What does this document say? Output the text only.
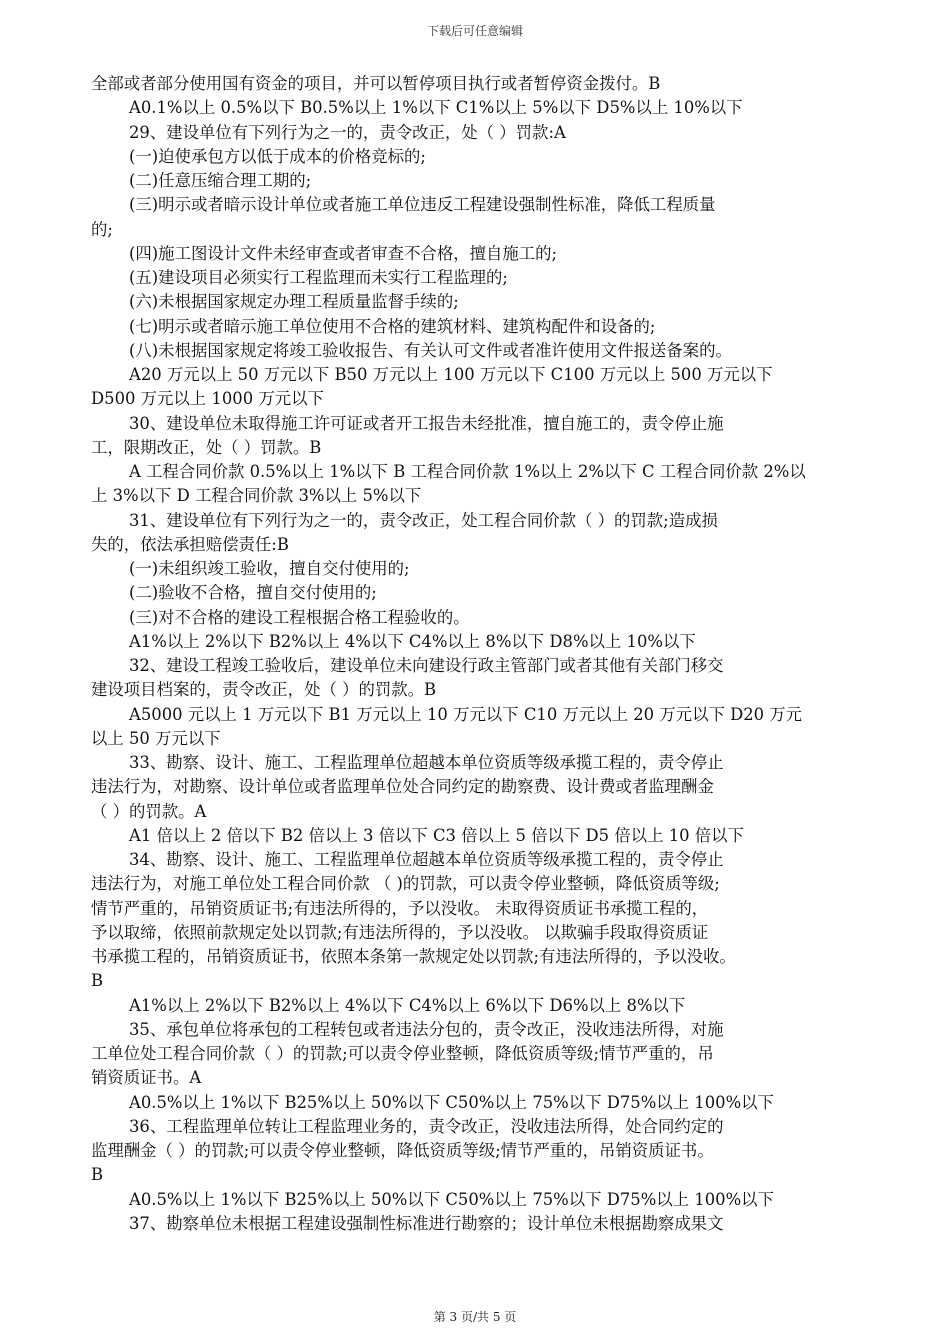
下载后可任意编辑
全部或者部分使用国有资金的项目，并可以暂停项目执行或者暂停资金拨付。B
A0.1%以上 0.5%以下 B0.5%以上 1%以下 C1%以上 5%以下 D5%以上 10%以下
29、建设单位有下列行为之一的，责令改正，处（ ）罚款:A
(一)迫使承包方以低于成本的价格竞标的;
(二)任意压缩合理工期的;
(三)明示或者暗示设计单位或者施工单位违反工程建设强制性标准，降低工程质量
的;
(四)施工图设计文件未经审查或者审查不合格，擅自施工的;
(五)建设项目必须实行工程监理而未实行工程监理的;
(六)未根据国家规定办理工程质量监督手续的;
(七)明示或者暗示施工单位使用不合格的建筑材料、建筑构配件和设备的;
(八)未根据国家规定将竣工验收报告、有关认可文件或者准许使用文件报送备案的。
A20 万元以上 50 万元以下 B50 万元以上 100 万元以下 C100 万元以上 500 万元以下
D500 万元以上 1000 万元以下
30、建设单位未取得施工许可证或者开工报告未经批准，擅自施工的，责令停止施
工，限期改正，处（ ）罚款。B
A 工程合同价款 0.5%以上 1%以下 B 工程合同价款 1%以上 2%以下 C 工程合同价款 2%以
上 3%以下 D 工程合同价款 3%以上 5%以下
31、建设单位有下列行为之一的，责令改正，处工程合同价款（ ）的罚款;造成损
失的，依法承担赔偿责任:B
(一)未组织竣工验收，擅自交付使用的;
(二)验收不合格，擅自交付使用的;
(三)对不合格的建设工程根据合格工程验收的。
A1%以上 2%以下 B2%以上 4%以下 C4%以上 8%以下 D8%以上 10%以下
32、建设工程竣工验收后，建设单位未向建设行政主管部门或者其他有关部门移交
建设项目档案的，责令改正，处（ ）的罚款。B
A5000 元以上 1 万元以下 B1 万元以上 10 万元以下 C10 万元以上 20 万元以下 D20 万元
以上 50 万元以下
33、勘察、设计、施工、工程监理单位超越本单位资质等级承揽工程的，责令停止
违法行为，对勘察、设计单位或者监理单位处合同约定的勘察费、设计费或者监理酬金
（ ）的罚款。A
A1 倍以上 2 倍以下 B2 倍以上 3 倍以下 C3 倍以上 5 倍以下 D5 倍以上 10 倍以下
34、勘察、设计、施工、工程监理单位超越本单位资质等级承揽工程的，责令停止
违法行为，对施工单位处工程合同价款 （ )的罚款，可以责令停业整顿，降低资质等级;
情节严重的，吊销资质证书;有违法所得的，予以没收。 未取得资质证书承揽工程的，
予以取缔，依照前款规定处以罚款;有违法所得的，予以没收。 以欺骗手段取得资质证
书承揽工程的，吊销资质证书，依照本条第一款规定处以罚款;有违法所得的，予以没收。
B
A1%以上 2%以下 B2%以上 4%以下 C4%以上 6%以下 D6%以上 8%以下
35、承包单位将承包的工程转包或者违法分包的，责令改正，没收违法所得，对施
工单位处工程合同价款（ ）的罚款;可以责令停业整顿，降低资质等级;情节严重的，吊
销资质证书。A
A0.5%以上 1%以下 B25%以上 50%以下 C50%以上 75%以下 D75%以上 100%以下
36、工程监理单位转让工程监理业务的，责令改正，没收违法所得，处合同约定的
监理酬金（ ）的罚款;可以责令停业整顿，降低资质等级;情节严重的，吊销资质证书。
B
A0.5%以上 1%以下 B25%以上 50%以下 C50%以上 75%以下 D75%以上 100%以下
37、勘察单位未根据工程建设强制性标准进行勘察的；设计单位未根据勘察成果文
第 3 页/共 5 页
